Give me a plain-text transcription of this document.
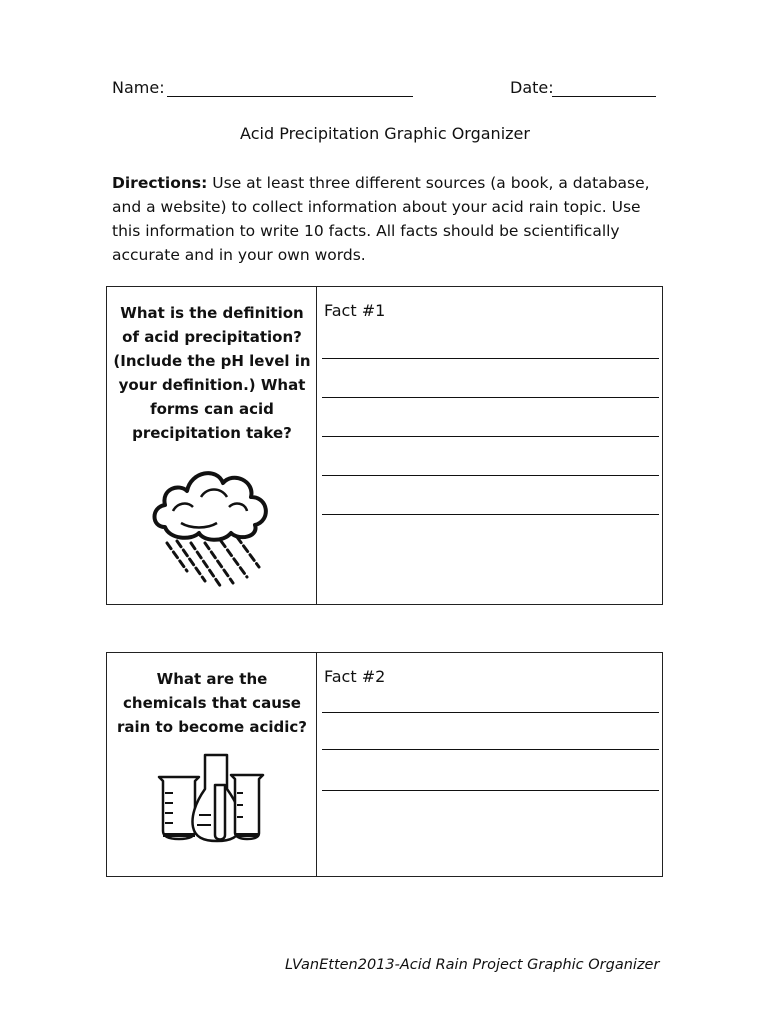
Name:	Date:
Acid Precipitation Graphic Organizer
Directions: Use at least three different sources (a book, a database, and a website) to collect information about your acid rain topic. Use this information to write 10 facts. All facts should be scientifically accurate and in your own words.
What is the definition of acid precipitation? (Include the pH level in your definition.) What forms can acid precipitation take?
Fact #1
What are the chemicals that cause rain to become acidic?
Fact #2
LVanEtten2013-Acid Rain Project Graphic Organizer
